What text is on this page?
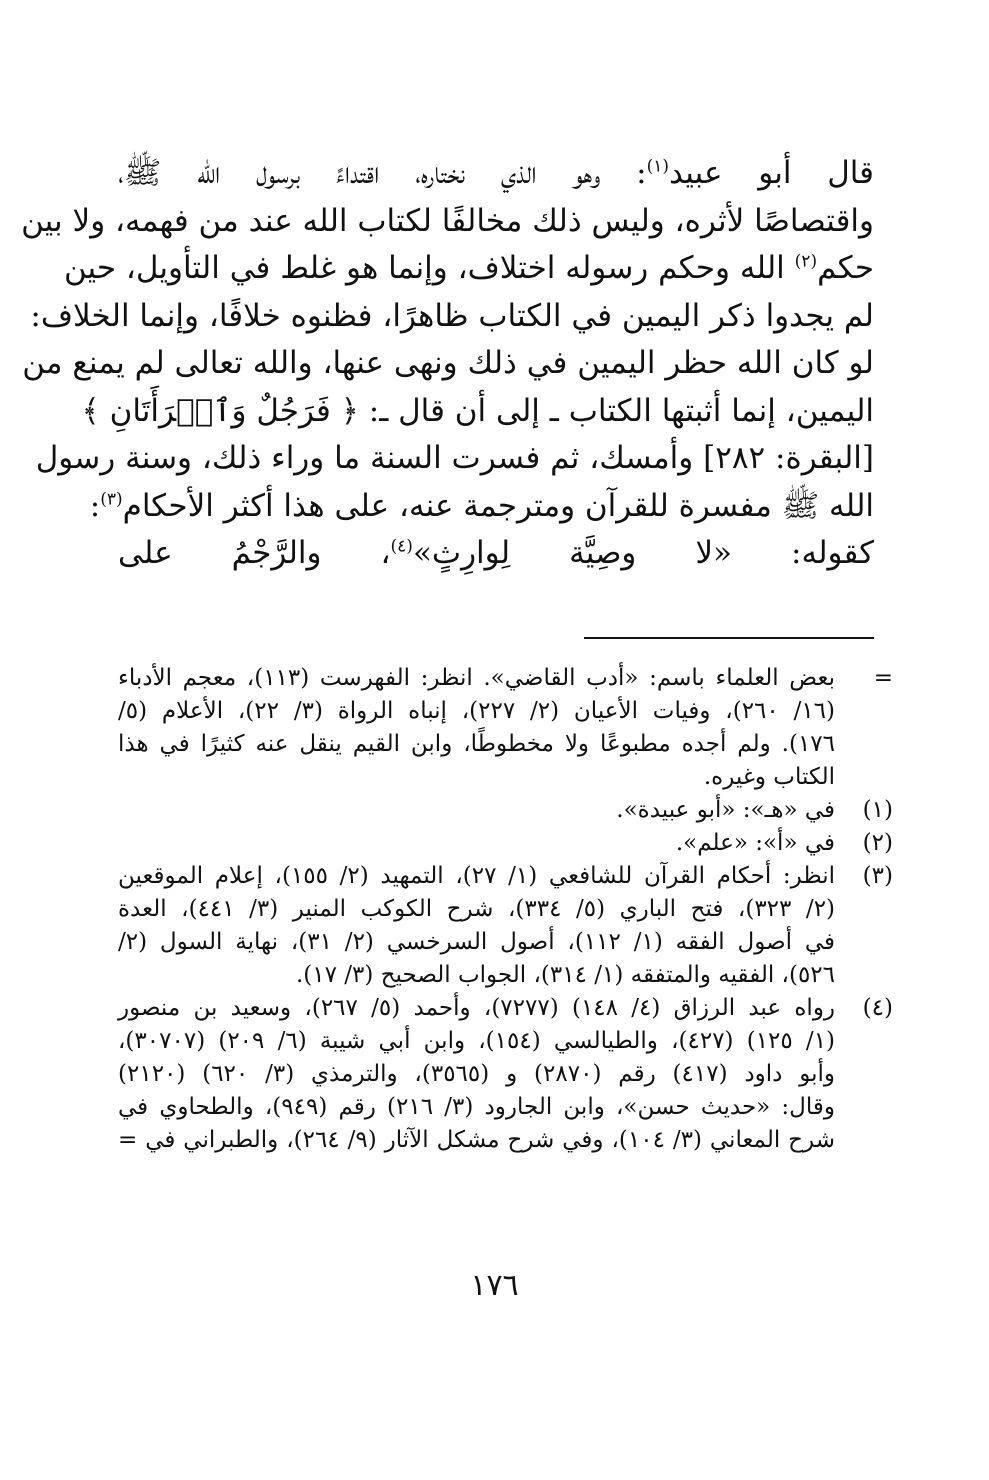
قال أبو عبيد$^{(١)}$: وهو الذي نختاره، اقتداءً برسول الله ﷺ،
واقتصاصًا لأثره، وليس ذلك مخالفًا لكتاب الله عند من فهمه، ولا بين
حكم$^{(٢)}$ الله وحكم رسوله اختلاف، وإنما هو غلط في التأويل، حين
لم يجدوا ذكر اليمين في الكتاب ظاهرًا، فظنوه خلافًا، وإنما الخلاف:
لو كان الله حظر اليمين في ذلك ونهى عنها، والله تعالى لم يمنع من
اليمين، إنما أثبتها الكتاب ـ إلى أن قال ـ: ﴿ فَرَجُلٌ وَٱمۡرَأَتَانِ ﴾
[البقرة: ٢٨٢] وأمسك، ثم فسرت السنة ما وراء ذلك، وسنة رسول
الله ﷺ مفسرة للقرآن ومترجمة عنه، على هذا أكثر الأحكام$^{(٣)}$:
كقوله: «لا وصِيَّة لِوارِثٍ»$^{(٤)}$، والرَّجْمُ على
=
بعض العلماء باسم: «أدب القاضي». انظر: الفهرست (١١٣)، معجم الأدباء
(١٦/ ٢٦٠)، وفيات الأعيان (٢/ ٢٢٧)، إنباه الرواة (٣/ ٢٢)، الأعلام (٥/
١٧٦). ولم أجده مطبوعًا ولا مخطوطًا، وابن القيم ينقل عنه كثيرًا في هذا
الكتاب وغيره.
(١)
في «هـ»: «أبو عبيدة».
(٢)
في «أ»: «علم».
(٣)
انظر: أحكام القرآن للشافعي (١/ ٢٧)، التمهيد (٢/ ١٥٥)، إعلام الموقعين
(٢/ ٣٢٣)، فتح الباري (٥/ ٣٣٤)، شرح الكوكب المنير (٣/ ٤٤١)، العدة
في أصول الفقه (١/ ١١٢)، أصول السرخسي (٢/ ٣١)، نهاية السول (٢/
٥٢٦)، الفقيه والمتفقه (١/ ٣١٤)، الجواب الصحيح (٣/ ١٧).
(٤)
رواه عبد الرزاق (٤/ ١٤٨) (٧٢٧٧)، وأحمد (٥/ ٢٦٧)، وسعيد بن منصور
(١/ ١٢٥) (٤٢٧)، والطيالسي (١٥٤)، وابن أبي شيبة (٦/ ٢٠٩) (٣٠٧٠٧)،
وأبو داود (٤١٧) رقم (٢٨٧٠) و (٣٥٦٥)، والترمذي (٣/ ٦٢٠) (٢١٢٠)
وقال: «حديث حسن»، وابن الجارود (٣/ ٢١٦) رقم (٩٤٩)، والطحاوي في
شرح المعاني (٣/ ١٠٤)، وفي شرح مشكل الآثار (٩/ ٢٦٤)، والطبراني في =
١٧٦
